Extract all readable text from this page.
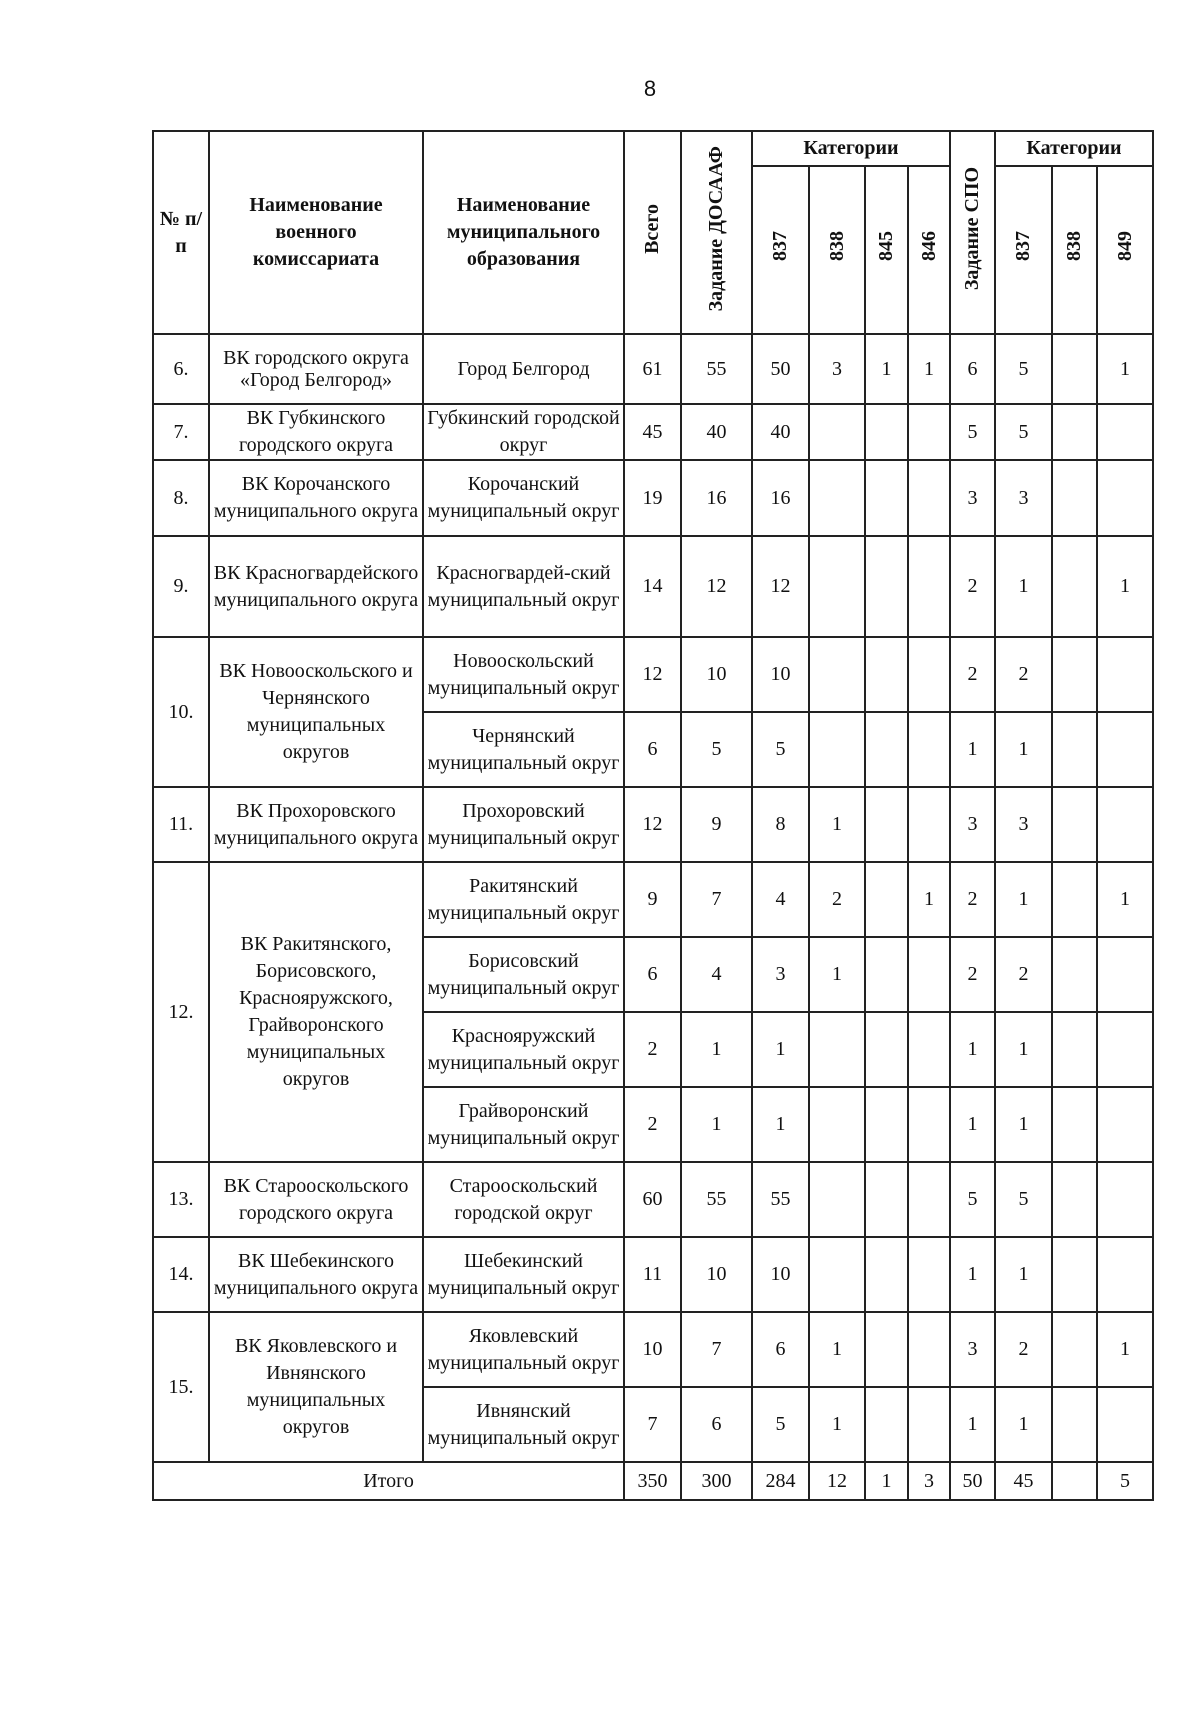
8
№ п/п	Наименование военного комиссариата	Наименование муниципального образования	Всего	Задание ДОСААФ	Категории				Задание СПО	Категории		
					837	838	845	846		837	838	849
6.	ВК городского округа «Город Белгород»	Город Белгород	61	55	50	3	1	1	6	5		1
7.	ВК Губкинского городского округа	Губкинский городской округ	45	40	40				5	5		
8.	ВК Корочанского муниципального округа	Корочанский муниципальный округ	19	16	16				3	3		
9.	ВК Красногвардейского муниципального округа	Красногвардей-ский муниципальный округ	14	12	12				2	1		1
10.	ВК Новооскольского и Чернянского муниципальных округов	Новооскольский муниципальный округ	12	10	10				2	2		
		Чернянский муниципальный округ	6	5	5				1	1		
11.	ВК Прохоровского муниципального округа	Прохоровский муниципальный округ	12	9	8	1			3	3		
12.	ВК Ракитянского, Борисовского, Краснояружского, Грайворонского муниципальных округов	Ракитянский муниципальный округ	9	7	4	2		1	2	1		1
		Борисовский муниципальный округ	6	4	3	1			2	2		
		Краснояружский муниципальный округ	2	1	1				1	1		
		Грайворонский муниципальный округ	2	1	1				1	1		
13.	ВК Старооскольского городского округа	Старооскольский городской округ	60	55	55				5	5		
14.	ВК Шебекинского муниципального округа	Шебекинский муниципальный округ	11	10	10				1	1		
15.	ВК Яковлевского и Ивнянского муниципальных округов	Яковлевский муниципальный округ	10	7	6	1			3	2		1
		Ивнянский муниципальный округ	7	6	5	1			1	1		
Итого			350	300	284	12	1	3	50	45		5
